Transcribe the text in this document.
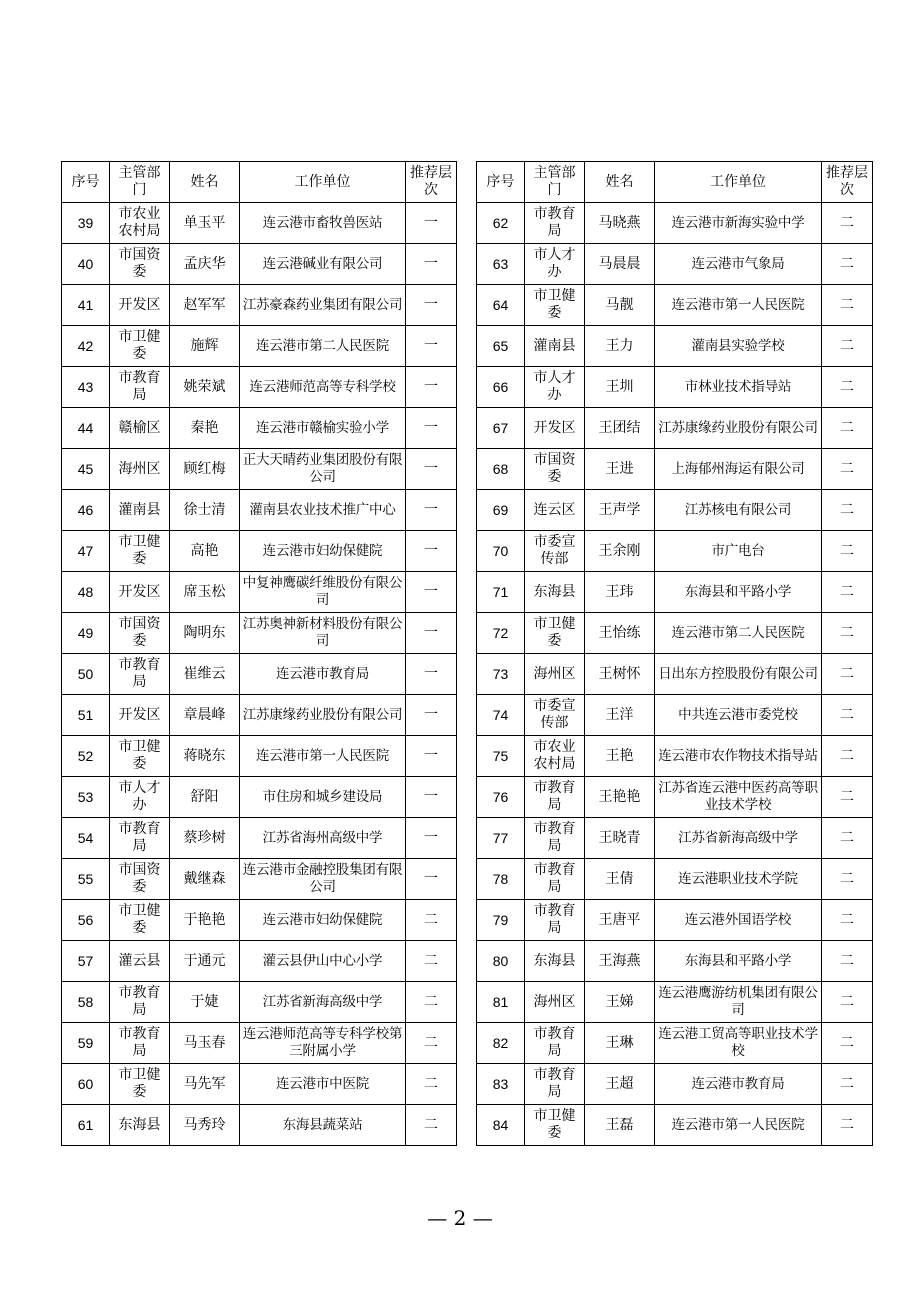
序号	主管部门	姓名	工作单位	推荐层次
39	市农业农村局	单玉平	连云港市畜牧兽医站	一
40	市国资委	孟庆华	连云港碱业有限公司	一
41	开发区	赵军军	江苏豪森药业集团有限公司	一
42	市卫健委	施辉	连云港市第二人民医院	一
43	市教育局	姚荣斌	连云港师范高等专科学校	一
44	赣榆区	秦艳	连云港市赣榆实验小学	一
45	海州区	顾红梅	正大天晴药业集团股份有限公司	一
46	灌南县	徐士清	灌南县农业技术推广中心	一
47	市卫健委	高艳	连云港市妇幼保健院	一
48	开发区	席玉松	中复神鹰碳纤维股份有限公司	一
49	市国资委	陶明东	江苏奥神新材料股份有限公司	一
50	市教育局	崔维云	连云港市教育局	一
51	开发区	章晨峰	江苏康缘药业股份有限公司	一
52	市卫健委	蒋晓东	连云港市第一人民医院	一
53	市人才办	舒阳	市住房和城乡建设局	一
54	市教育局	蔡珍树	江苏省海州高级中学	一
55	市国资委	戴继森	连云港市金融控股集团有限公司	一
56	市卫健委	于艳艳	连云港市妇幼保健院	二
57	灌云县	于通元	灌云县伊山中心小学	二
58	市教育局	于婕	江苏省新海高级中学	二
59	市教育局	马玉春	连云港师范高等专科学校第三附属小学	二
60	市卫健委	马先军	连云港市中医院	二
61	东海县	马秀玲	东海县蔬菜站	二
序号	主管部门	姓名	工作单位	推荐层次
62	市教育局	马晓燕	连云港市新海实验中学	二
63	市人才办	马晨晨	连云港市气象局	二
64	市卫健委	马靓	连云港市第一人民医院	二
65	灌南县	王力	灌南县实验学校	二
66	市人才办	王圳	市林业技术指导站	二
67	开发区	王团结	江苏康缘药业股份有限公司	二
68	市国资委	王进	上海郁州海运有限公司	二
69	连云区	王声学	江苏核电有限公司	二
70	市委宣传部	王余刚	市广电台	二
71	东海县	王玮	东海县和平路小学	二
72	市卫健委	王怡练	连云港市第二人民医院	二
73	海州区	王树怀	日出东方控股股份有限公司	二
74	市委宣传部	王洋	中共连云港市委党校	二
75	市农业农村局	王艳	连云港市农作物技术指导站	二
76	市教育局	王艳艳	江苏省连云港中医药高等职业技术学校	二
77	市教育局	王晓青	江苏省新海高级中学	二
78	市教育局	王倩	连云港职业技术学院	二
79	市教育局	王唐平	连云港外国语学校	二
80	东海县	王海燕	东海县和平路小学	二
81	海州区	王娣	连云港鹰游纺机集团有限公司	二
82	市教育局	王琳	连云港工贸高等职业技术学校	二
83	市教育局	王超	连云港市教育局	二
84	市卫健委	王磊	连云港市第一人民医院	二
— 2 —
